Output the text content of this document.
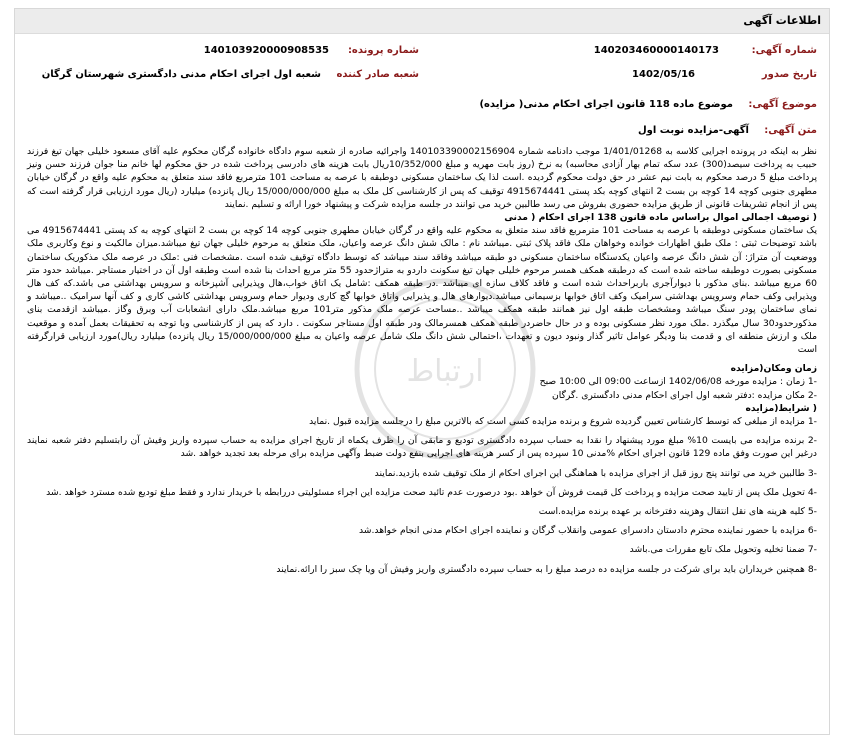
اطلاعات آگهی
شماره آگهی:
140203460000140173
شماره پرونده:
140103920000908535
تاریخ صدور
1402/05/16
شعبه صادر کننده
شعبه اول اجرای احکام مدنی دادگستری شهرستان گرگان
موضوع آگهی:
موضوع ماده 118 قانون اجرای احکام مدنی( مزایده)
متن آگهی:
آگهی-مزایده نوبت اول
ارتباط

نظر به اینکه در پرونده اجرایی کلاسه به 1/401/01268 موجب دادنامه شماره 140103390002156904 واجرائیه صادره از شعبه سوم دادگاه خانواده گرگان محکوم علیه آقای مسعود خلیلی جهان تیغ فرزند حبیب به پرداخت سیصد(300) عدد سکه تمام بهار آزادی محاسبه) به نرخ (روز بابت مهریه و مبلغ 10/352/000ریال بابت هزینه های دادرسی پرداخت شده در حق محکوم لها خانم منا جوان فرزند حسن ونیز پرداخت مبلغ 5 درصد محکوم به بابت نیم عشر در حق دولت محکوم گردیده .است لذا یک ساختمان مسکونی دوطبقه با عرصه به مساحت 101 مترمربع فاقد سند متعلق به محکوم علیه واقع در گرگان خیابان مطهری جنوبی کوچه 14 کوچه بن بست 2 انتهای کوچه بکد پستی 4915674441 توقیف که پس از کارشناسی کل ملک به مبلغ 15/000/000/000 ریال پانزده) میلیارد (ریال مورد ارزیابی قرار گرفته است که پس از انجام تشریفات قانونی از طریق مزایده حضوری بفروش می رسد طالبین خرید می توانند در جلسه مزایده شرکت و پیشنهاد خورا ارائه و تسلیم .نمایند

( توصیف اجمالی اموال براساس ماده قانون 138 اجرای احکام ( مدنی

یک ساختمان مسکونی دوطبقه با عرصه به مساحت 101 مترمربع فاقد سند متعلق به محکوم علیه واقع در گرگان خیابان مطهری جنوبی کوچه 14 کوچه بن بست 2 انتهای کوچه به کد پستی 4915674441 می باشد توضیحات ثبتی : ملک طبق اظهارات خوانده وخواهان ملک فاقد پلاک ثبتی .میباشد نام : مالک شش دانگ عرصه واعیان، ملک متعلق به مرحوم خلیلی جهان تیغ میباشد.میزان مالکیت و نوع وکاربری ملک ووضعیت آن متراژ: آن شش دانگ عرصه واعیان یکدستگاه ساختمان مسکونی دو طبقه میباشد وفاقد سند میباشد که توسط دادگاه توقیف شده است .مشخصات فنی :ملک در عرصه ملک مذکوریک ساختمان مسکونی بصورت دوطبقه ساخته شده است که درطبقه همکف همسر مرحوم خلیلی جهان تیغ سکونت داردو به متراژحدود 55 متر مربع احداث بنا شده است وطبقه اول آن در اختیار مستاجر .میباشد حدود متر 60 مربع میباشد .بنای مذکور با دیوارآجری باربراحداث شده است و فاقد کلاف سازه ای میباشد .در طبقه همکف :شامل یک اتاق خواب،هال وپذیرایی آشپزخانه و سرویس بهداشتی می باشد.که کف هال وپذیرایی وکف حمام وسرویس بهداشتی سرامیک وکف اتاق خوابها بزسیمانی میباشد.دیوارهای هال و پذیرایی واتاق خوابها گچ کاری ودیوار حمام وسرویس بهداشتی کاشی کاری و کف آنها سرامیک ..میباشد و نمای ساختمان پودر سنگ میباشد ومشخصات طبقه اول نیز همانند طبقه همکف میباشد ..مساحت عرصه ملک مذکور متر101 مربع میباشد.ملک دارای انشعابات آب وبرق وگاز .میباشد ازقدمت بنای مذکورحدود30 سال میگذرد .ملک مورد نظر مسکونی بوده و در حال حاضردر طبقه همکف همسرمالک ودر طبقه اول مستاجر سکونت . دارد که پس از کارشناسی وبا توجه به تحقیقات بعمل آمده و موقعیت ملک و ارزش منطقه ای و قدمت بنا ودیگر عوامل تاثیر گذار ونبود دیون و تعهدات ،احتمالی شش دانگ ملک شامل عرصه واعیان به مبلغ 15/000/000/000 ریال پانزده) میلیارد ریال)مورد ارزیابی قرارگرفته است

زمان ومکان(مزایده

-1 زمان : مزایده مورخه 1402/06/08 ازساعت 09:00 الی 10:00 صبح

-2 مکان مزایده :دفتر شعبه اول اجرای احکام مدنی دادگستری .گرگان

( شرایط(مزایده

-1 مزایده از مبلغی که توسط کارشناس تعیین گردیده شروع و برنده مزایده کسی است که بالاترین مبلغ را درجلسه مزایده قبول .نماید

-2 برنده مزایده می بایست 10% مبلغ مورد پیشنهاد را نقدا به حساب سپرده دادگستری تودیع و مابقی آن را ظرف یکماه از تاریخ اجرای مزایده به حساب سپرده واریز وفیش آن رابتسلیم دفتر شعبه نمایند درغیر این صورت وفق ماده 129 قانون اجرای احکام %مدنی 10 سپرده پس از کسر هزینه های اجرایی بنفع دولت ضبط وآگهی مزایده برای مرحله بعد تجدید خواهد .شد

-3 طالبین خرید می توانند پنج روز قبل از اجرای مزایده با هماهنگی این اجرای احکام از ملک توقیف شده بازدید.نمایند

-4 تحویل ملک پس از تایید صحت مزایده و پرداخت کل قیمت فروش آن خواهد .بود درصورت عدم تائید صحت مزایده این اجراء مسئولیتی دررابطه با خریدار ندارد و فقط مبلغ تودیع شده مسترد خواهد .شد

-5 کلیه هزینه های نقل انتقال وهزینه دفترخانه بر عهده برنده مزایده.است

-6 مزایده با حضور نماینده محترم دادستان دادسرای عمومی وانقلاب گرگان و نماینده اجرای احکام مدنی انجام خواهد.شد

-7 ضمنا تخلیه وتحویل ملک تابع مقررات می.باشد

-8 همچنین خریداران باید برای شرکت در جلسه مزایده ده درصد مبلغ را به حساب سپرده دادگستری واریز وفیش آن ویا چک سبز را ارائه.نمایند
